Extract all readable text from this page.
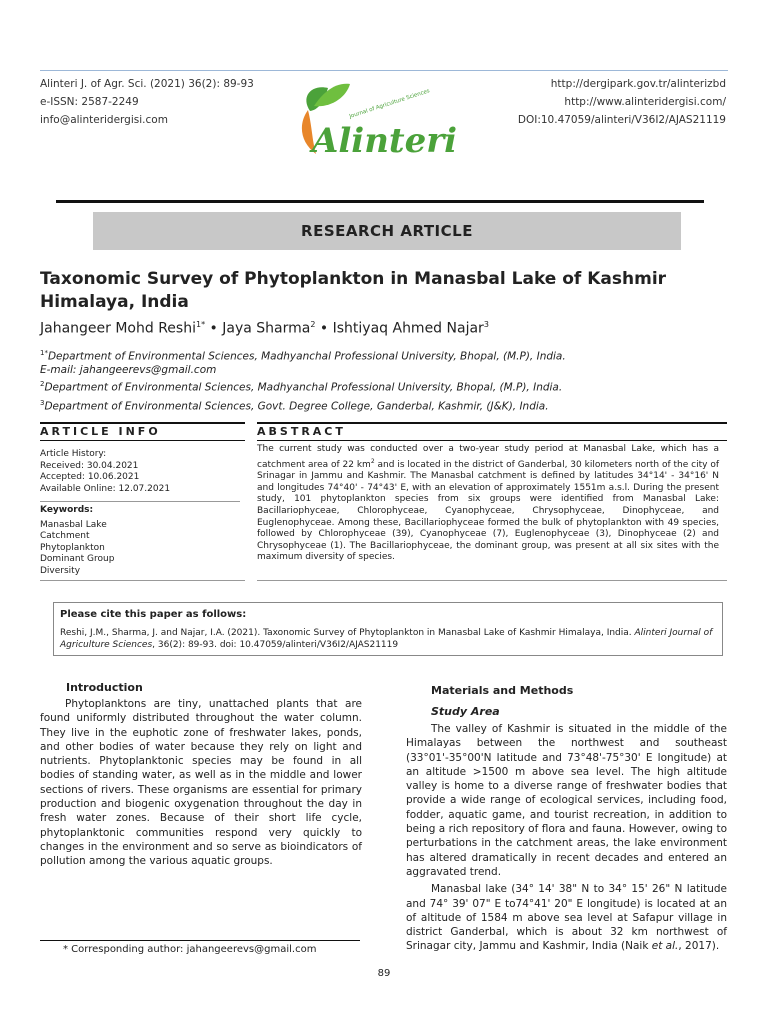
Alinteri J. of Agr. Sci. (2021) 36(2): 89-93
e-ISSN: 2587-2249
info@alinteridergisi.com
http://dergipark.gov.tr/alinterizbd
http://www.alinteridergisi.com/
DOI:10.47059/alinteri/V36I2/AJAS21119
Journal of Agriculture Sciences
Alinteri
RESEARCH ARTICLE
Taxonomic Survey of Phytoplankton in Manasbal Lake of Kashmir Himalaya, India
Jahangeer Mohd Reshi$^{1*}$ • Jaya Sharma$^2$ • Ishtiyaq Ahmed Najar$^3$
$^{1*}$Department of Environmental Sciences, Madhyanchal Professional University, Bhopal, (M.P), India.
E-mail: jahangeerevs@gmail.com
$^2$Department of Environmental Sciences, Madhyanchal Professional University, Bhopal, (M.P), India.
$^3$Department of Environmental Sciences, Govt. Degree College, Ganderbal, Kashmir, (J&K), India.
ARTICLE INFO	ABSTRACT
Article History:
Received: 30.04.2021
Accepted: 10.06.2021
Available Online: 12.07.2021
Keywords:
Manasbal Lake
Catchment
Phytoplankton
Dominant Group
Diversity
The current study was conducted over a two-year study period at Manasbal Lake, which has a catchment area of 22 $km^2$ and is located in the district of Ganderbal, 30 kilometers north of the city of Srinagar in Jammu and Kashmir. The Manasbal catchment is defined by latitudes 34°14' - 34°16' N and longitudes 74°40' - 74°43' E, with an elevation of approximately 1551m a.s.l. During the present study, 101 phytoplankton species from six groups were identified from Manasbal Lake: Bacillariophyceae, Chlorophyceae, Cyanophyceae, Chrysophyceae, Dinophyceae, and Euglenophyceae. Among these, Bacillariophyceae formed the bulk of phytoplankton with 49 species, followed by Chlorophyceae (39), Cyanophyceae (7), Euglenophyceae (3), Dinophyceae (2) and Chrysophyceae (1). The Bacillariophyceae, the dominant group, was present at all six sites with the maximum diversity of species.
Please cite this paper as follows:
Reshi, J.M., Sharma, J. and Najar, I.A. (2021). Taxonomic Survey of Phytoplankton in Manasbal Lake of Kashmir Himalaya, India. Alinteri Journal of Agriculture Sciences, 36(2): 89-93. doi: 10.47059/alinteri/V36I2/AJAS21119
Introduction

Phytoplanktons are tiny, unattached plants that are found uniformly distributed throughout the water column. They live in the euphotic zone of freshwater lakes, ponds, and other bodies of water because they rely on light and nutrients. Phytoplanktonic species may be found in all bodies of standing water, as well as in the middle and lower sections of rivers. These organisms are essential for primary production and biogenic oxygenation throughout the day in fresh water zones. Because of their short life cycle, phytoplanktonic communities respond very quickly to changes in the environment and so serve as bioindicators of pollution among the various aquatic groups.

Materials and Methods
Study Area

The valley of Kashmir is situated in the middle of the Himalayas between the northwest and southeast (33°01'-35°00'N latitude and 73°48'-75°30' E longitude) at an altitude >1500 m above sea level. The high altitude valley is home to a diverse range of freshwater bodies that provide a wide range of ecological services, including food, fodder, aquatic game, and tourist recreation, in addition to being a rich repository of flora and fauna. However, owing to perturbations in the catchment areas, the lake environment has altered dramatically in recent decades and entered an aggravated trend.

Manasbal lake (34° 14' 38" N to 34° 15' 26" N latitude and 74° 39' 07" E to74°41' 20" E longitude) is located at an of altitude of 1584 m above sea level at Safapur village in district Ganderbal, which is about 32 km northwest of Srinagar city, Jammu and Kashmir, India (Naik et al., 2017).

* Corresponding author: jahangeerevs@gmail.com
89
